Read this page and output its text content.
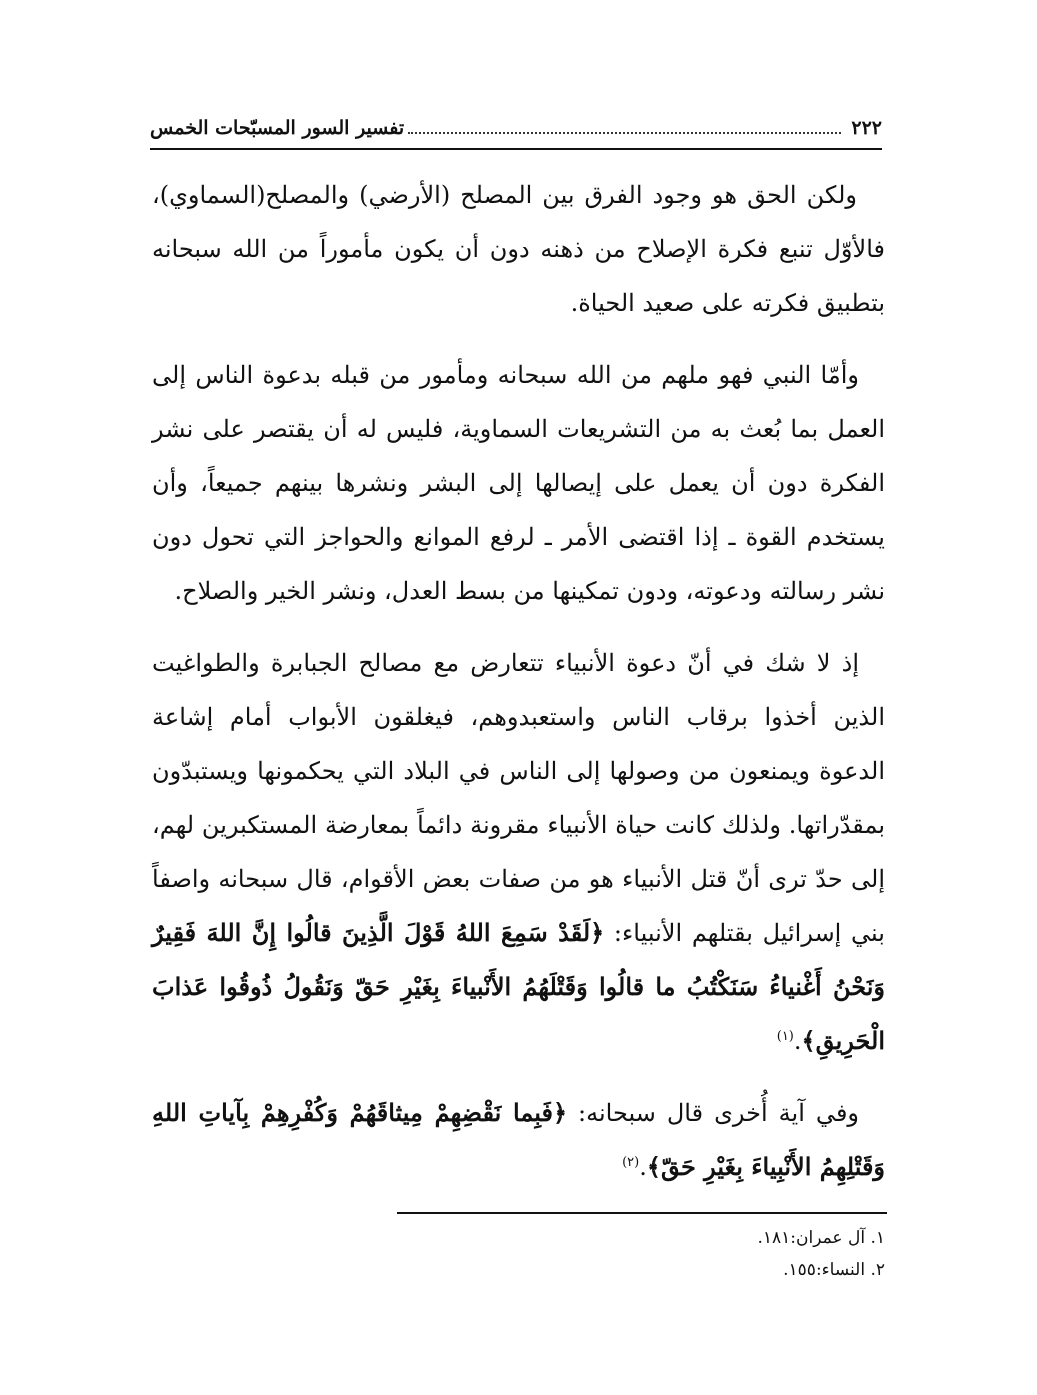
٢٢٢
تفسير السور المسبّحات الخمس

ولكن الحق هو وجود الفرق بين المصلح (الأرضي) والمصلح(السماوي)، فالأوّل تنبع فكرة الإصلاح من ذهنه دون أن يكون مأموراً من الله سبحانه بتطبيق فكرته على صعيد الحياة.

وأمّا النبي فهو ملهم من الله سبحانه ومأمور من قبله بدعوة الناس إلى العمل بما بُعث به من التشريعات السماوية، فليس له أن يقتصر على نشر الفكرة دون أن يعمل على إيصالها إلى البشر ونشرها بينهم جميعاً، وأن يستخدم القوة ـ إذا اقتضى الأمر ـ لرفع الموانع والحواجز التي تحول دون نشر رسالته ودعوته، ودون تمكينها من بسط العدل، ونشر الخير والصلاح.

إذ لا شك في أنّ دعوة الأنبياء تتعارض مع مصالح الجبابرة والطواغيت الذين أخذوا برقاب الناس واستعبدوهم، فيغلقون الأبواب أمام إشاعة الدعوة ويمنعون من وصولها إلى الناس في البلاد التي يحكمونها ويستبدّون بمقدّراتها. ولذلك كانت حياة الأنبياء مقرونة دائماً بمعارضة المستكبرين لهم، إلى حدّ ترى أنّ قتل الأنبياء هو من صفات بعض الأقوام، قال سبحانه واصفاً بني إسرائيل بقتلهم الأنبياء: ﴿لَقَدْ سَمِعَ اللهُ قَوْلَ الَّذِينَ قالُوا إِنَّ اللهَ فَقِيرٌ وَنَحْنُ أَغْنياءُ سَنَكْتُبُ ما قالُوا وَقَتْلَهُمُ الأَنْبياءَ بِغَيْرِ حَقّ وَنَقُولُ ذُوقُوا عَذابَ الْحَرِيقِ﴾.$^{(١)}$

وفي آية أُخرى قال سبحانه: ﴿فَبِما نَقْضِهِمْ مِيثاقَهُمْ وَكُفْرِهِمْ بِآياتِ اللهِ وَقَتْلِهِمُ الأَنْبِياءَ بِغَيْرِ حَقّ﴾.$^{(٢)}$

١. آل عمران:١٨١.
٢. النساء:١٥٥.
